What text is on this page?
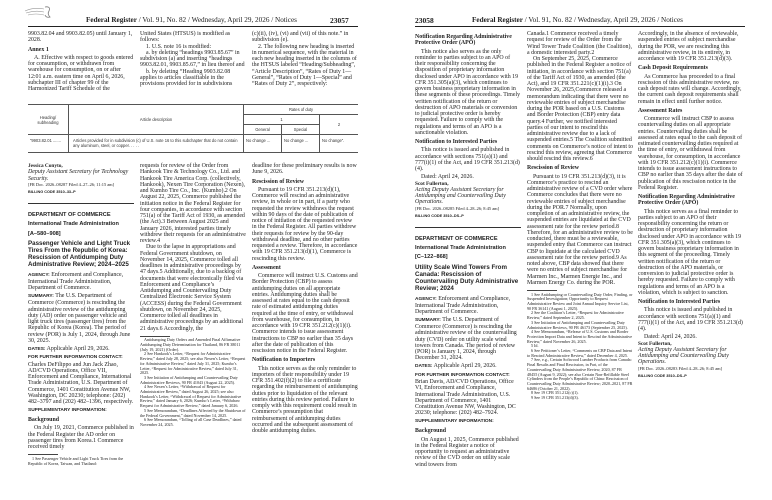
Federal Register / Vol. 91, No. 82 / Wednesday, April 29, 2026 / Notices	23057

9903.82.04 and 9903.82.05) until January 1, 2028.

Annex 1

A. Effective with respect to goods entered for consumption, or withdrawn from warehouse for consumption, on or after 12:01 a.m. eastern time on April 6, 2026, subchapter III of chapter 99 of the Harmonized Tariff Schedule of the

United States (HTSUS) is modified as follows:

1. U.S. note 16 is modified:

a. by deleting “headings 9903.85.67” in subdivision (a) and inserting “headings 9903.82.01, 9903.85.67,” in lieu thereof and

b. by deleting “Heading 9903.82.08 applies to articles classifiable in the provisions provided for in subdivisions

(c)(ii), (iv), (vi) and (vii) of this note.” in subdivision (e).

2. The following new heading is inserted in numerical sequence, with the material in each new heading inserted in the columns of the HTSUS labeled “Heading/Subheading”, “Article Description”, “Rates of Duty 1—General”, “Rates of Duty 1—Special” and “Rates of Duty 2”, respectively:

Heading/ subheading	Article description	Rates of duty		
		1		2
		General	Special	
“9903.82.01 .......	Articles provided for in subdivision (c) of U.S. note 16 to this subchapter that do not contain any aluminum, steel, or copper. . . . .	No change ...	No change ...	No change”.

Jessica Conyto,

Deputy Assistant Secretary for Technology Security.

[FR Doc. 2026–08287 Filed 4–27–26; 11:15 am]

BILLING CODE 3510–33–P

DEPARTMENT OF COMMERCE
International Trade Administration
[A–580–908]
Passenger Vehicle and Light Truck Tires From the Republic of Korea: Rescission of Antidumping Duty Administrative Review; 2024–2025

AGENCY: Enforcement and Compliance, International Trade Administration, Department of Commerce.

SUMMARY: The U.S. Department of Commerce (Commerce) is rescinding the administrative review of the antidumping duty (AD) order on passenger vehicle and light truck tires (passenger tires) from the Republic of Korea (Korea). The period of review (POR) is July 1, 2024, through June 30, 2025.

DATES: Applicable April 29, 2026.

FOR FURTHER INFORMATION CONTACT: Charles DeFilippo and Jun Jack Zhao, AD/CVD Operations, Office VII, Enforcement and Compliance, International Trade Administration, U.S. Department of Commerce, 1401 Constitution Avenue NW, Washington, DC 20230; telephone: (202) 482–3797 and (202) 482–1396, respectively.

SUPPLEMENTARY INFORMATION:

Background

On July 19, 2021, Commerce published in the Federal Register the AD order on passenger tires from Korea.1 Commerce received timely

1 See Passenger Vehicle and Light Truck Tires from the Republic of Korea, Taiwan, and Thailand:

requests for review of the Order from Hankook Tire & Technology Co., Ltd. and Hankook Tire America Corp. (collectively, Hankook), Nexen Tire Corporation (Nexen), and Kumho Tire Co., Inc. (Kumho).2 On August 22, 2025, Commerce published the initiation notice in the Federal Register for four companies, in accordance with section 751(a) of the Tariff Act of 1930, as amended (the Act).3 Between August 2025 and January 2026, interested parties timely withdrew their requests for an administrative review.4

Due to the lapse in appropriations and Federal Government shutdown, on November 14, 2025, Commerce tolled all deadlines in administrative proceedings by 47 days.5 Additionally, due to a backlog of documents that were electronically filed via Enforcement and Compliance’s Antidumping and Countervailing Duty Centralized Electronic Service System (ACCESS) during the Federal Government shutdown, on November 24, 2025, Commerce tolled all deadlines in administrative proceedings by an additional 21 days.6 Accordingly, the

Antidumping Duty Orders and Amended Final Affirmative Antidumping Duty Determination for Thailand, 86 FR 38011 (July 19, 2021) (Order).

2 See Hankook’s Letter, “Request for Administrative Review,” dated July 28, 2025; see also Nexen’s Letter, “Request for Administrative Review,” dated July 31, 2025; Kumho’s Letter, “Request for Administrative Review,” dated July 31, 2025.

3 See Initiation of Antidumping and Countervailing Duty Administrative Reviews, 90 FR 41043 (August 22, 2025).

4 See Nexen’s Letter, “Withdrawal of Request for Administrative Review,” dated August 26, 2025; see also Hankook’s Letter, “Withdrawal of Request for Administrative Review,” dated January 6, 2026; Kumho’s Letter, “Withdraw Request for Administrative Review,” dated January 6, 2026.

5 See Memorandum, “Deadlines Affected by the Shutdown of the Federal Government,” dated November 14, 2025.

6 See Memorandum, “Tolling of all Case Deadlines,” dated November 24, 2025.

deadline for these preliminary results is now June 9, 2026.

Rescission of Review

Pursuant to 19 CFR 351.213(d)(1), Commerce will rescind an administrative review, in whole or in part, if a party who requested the review withdraws the request within 90 days of the date of publication of notice of initiation of the requested review in the Federal Register. All parties withdrew their requests for review by the 90-day withdrawal deadline, and no other parties requested a review. Therefore, in accordance with 19 CFR 351.213(d)(1), Commerce is rescinding this review.

Assessment

Commerce will instruct U.S. Customs and Border Protection (CBP) to assess antidumping duties on all appropriate entries. Antidumping duties shall be assessed at rates equal to the cash deposit rate of estimated antidumping duties required at the time of entry, or withdrawal from warehouse, for consumption, in accordance with 19 CFR 351.212(c)(1)(i). Commerce intends to issue assessment instructions to CBP no earlier than 35 days after the date of publication of this rescission notice in the Federal Register.

Notification to Importers

This notice serves as the only reminder to importers of their responsibility under 19 CFR 351.402(f)(2) to file a certificate regarding the reimbursement of antidumping duties prior to liquidation of the relevant entries during this review period. Failure to comply with this requirement could result in Commerce’s presumption that reimbursement of antidumping duties occurred and the subsequent assessment of double antidumping duties.

23058	Federal Register / Vol. 91, No. 82 / Wednesday, April 29, 2026 / Notices
Notification Regarding Administrative Protective Order (APO)

This notice also serves as the only reminder to parties subject to an APO of their responsibility concerning the disposition of proprietary information disclosed under APO in accordance with 19 CFR 351.305(a)(3), which continues to govern business proprietary information in these segments of these proceedings. Timely written notification of the return or destruction of APO materials or conversion to judicial protective order is hereby requested. Failure to comply with the regulations and terms of an APO is a sanctionable violation.

Notification to Interested Parties

This notice is issued and published in accordance with sections 751(a)(1) and 777(i)(1) of the Act, and 19 CFR 351.213(d)(4).

Dated: April 24, 2026.

Scot Fullerton,

Acting Deputy Assistant Secretary for Antidumping and Countervailing Duty Operations.

[FR Doc. 2026–08285 Filed 4–28–26; 8:45 am]

BILLING CODE 3510–DS–P

DEPARTMENT OF COMMERCE
International Trade Administration
[C–122–868]
Utility Scale Wind Towers From Canada: Rescission of Countervailing Duty Administrative Review; 2024

AGENCY: Enforcement and Compliance, International Trade Administration, Department of Commerce.

SUMMARY: The U.S. Department of Commerce (Commerce) is rescinding the administrative review of the countervailing duty (CVD) order on utility scale wind towers from Canada. The period of review (POR) is January 1, 2024, through December 31, 2024.

DATES: Applicable April 29, 2026.

FOR FURTHER INFORMATION CONTACT: Brian Davis, AD/CVD Operations, Office VI, Enforcement and Compliance, International Trade Administration, U.S. Department of Commerce, 1401 Constitution Avenue NW, Washington, DC 20230; telephone: (202) 482–7924.

SUPPLEMENTARY INFORMATION:

Background

On August 1, 2025, Commerce published in the Federal Register a notice of opportunity to request an administrative review of the CVD order on utility scale wind towers from

Canada.1 Commerce received a timely request for review of the Order from the Wind Tower Trade Coalition (the Coalition), a domestic interested party.2

On September 25, 2025, Commerce published in the Federal Register a notice of initiation, in accordance with section 751(a) of the Tariff Act of 1930, as amended (the Act), and 19 CFR 351.221(c)(1)(i).3 On November 26, 2025,Commerce released a memorandum indicating that there were no reviewable entries of subject merchandise during the POR based on a U.S. Customs and Border Protection (CBP) entry data query.4 Further, we notified interested parties of our intent to rescind this administrative review due to a lack of suspended entries.5 The Coalition submitted comments on Commerce’s notice of intent to rescind this review, agreeing that Commerce should rescind this review.6

Rescission of Review

Pursuant to 19 CFR 351.213(d)(3), it is Commerce’s practice to rescind an administrative review of a CVD order where Commerce concludes that there were no reviewable entries of subject merchandise during the POR.7 Normally, upon completion of an administrative review, the suspended entries are liquidated at the CVD assessment rate for the review period.8 Therefore, for an administrative review to be conducted, there must be a reviewable, suspended entry that Commerce can instruct CBP to liquidate at the calculated CVD assessment rate for the review period.9 As noted above, CBP data showed that there were no entries of subject merchandise for Marmen Inc., Marmen Energie Inc., and Marmen Energy Co. during the POR.

1 See Antidumping or Countervailing Duty Order, Finding, or Suspended Investigation; Opportunity to Request Administrative Review and Joint Annual Inquiry Service List, 90 FR 36141 (August 1, 2025).

2 See the Coalition’s Letter, “Request for Administrative Review,” dated September 2, 2025.

3 See Initiation of Antidumping and Countervailing Duty Administrative Reviews, 90 FR 46173 (September 25, 2025).

4 See Memorandum, “Release of U.S. Customs and Border Protection Import Data and Intent to Rescind the Administrative Review,” dated November 26, 2025.

5 Id.

6 See Petitioner’s Letter, “Comments on CBP Data and Intent to Rescind Administrative Review,” dated December 4, 2025.

7 See, e.g., Certain Softwood Lumber Products from Canada: Final Results and Final Rescission, in Part, of the Countervailing Duty Administrative Review, 2020, 87 FR 48455 (August 9, 2022); see also Certain Non-Refillable Steel Cylinders from the People’s Republic of China: Rescission of Countervailing Duty Administrative Review; 2020–2021, 87 FR 64686 (October 21, 2022).

8 See 19 CFR 351.212(c)(1).

9 See 19 CFR 351.213(d)(3).

Accordingly, in the absence of reviewable, suspended entries of subject merchandise during the POR, we are rescinding this administrative review, in its entirety, in accordance with 19 CFR 351.213(d)(3).

Cash Deposit Requirements

As Commerce has proceeded to a final rescission of this administrative review, no cash deposit rates will change. Accordingly, the current cash deposit requirements shall remain in effect until further notice.

Assessment Rates

Commerce will instruct CBP to assess countervailing duties on all appropriate entries. Countervailing duties shall be assessed at rates equal to the cash deposit of estimated countervailing duties required at the time of entry, or withdrawal from warehouse, for consumption, in accordance with 19 CFR 351.212(c)(1)(i). Commerce intends to issue assessment instructions to CBP no earlier than 35 days after the date of publication of this rescission notice in the Federal Register.

Notification Regarding Administrative Protective Order (APO)

This notice serves as a final reminder to parties subject to an APO of their responsibility concerning the return or destruction of proprietary information disclosed under APO in accordance with 19 CFR 351.305(a)(3), which continues to govern business proprietary information in this segment of the proceeding. Timely written notification of the return or destruction of the APO materials, or conversion to judicial protective order is hereby requested. Failure to comply with regulations and terms of an APO is a violation, which is subject to sanction.

Notification to Interested Parties

This notice is issued and published in accordance with sections 751(a)(1) and 777(i)(1) of the Act, and 19 CFR 351.213(d)(4).

Dated: April 24, 2026.

Scot Fullerton,

Acting Deputy Assistant Secretary for Antidumping and Countervailing Duty Operations.

[FR Doc. 2026–08283 Filed 4–28–26; 8:45 am]

BILLING CODE 3510–DS–P
